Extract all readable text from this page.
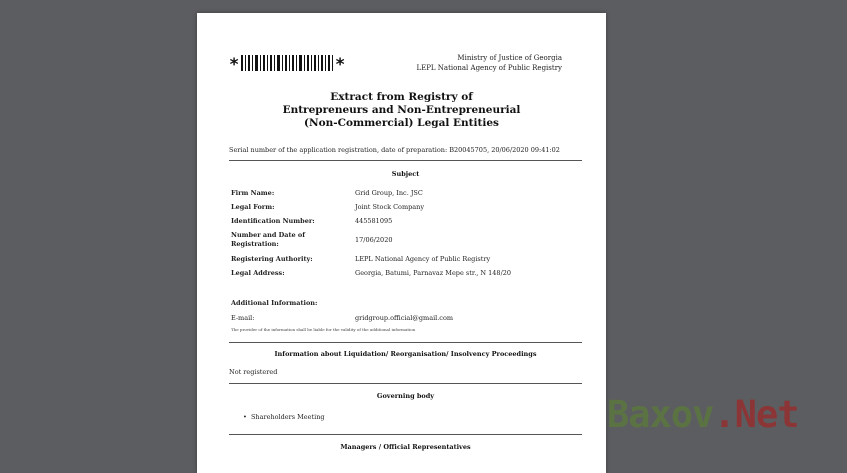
*	*	Ministry of Justice of Georgia
LEPL National Agency of Public Registry
Extract from Registry of
Entrepreneurs and Non-Entrepreneurial
(Non-Commercial) Legal Entities
Serial number of the application registration, date of preparation: B20045705, 20/06/2020 09:41:02
Subject
Firm Name:	Grid Group, Inc. JSC
Legal Form:	Joint Stock Company
Identification Number:	445581095
Number and Date of Registration:	17/06/2020
Registering Authority:	LEPL National Agency of Public Registry
Legal Address:	Georgia, Batumi, Parnavaz Mepe str., N 148/20
Additional Information:
E-mail:	gridgroup.official@gmail.com
The provider of the information shall be liable for the validity of the additional information
Information about Liquidation/ Reorganisation/ Insolvency Proceedings
Not registered
Governing body
• Shareholders Meeting
Managers / Official Representatives
Baxov.Net
